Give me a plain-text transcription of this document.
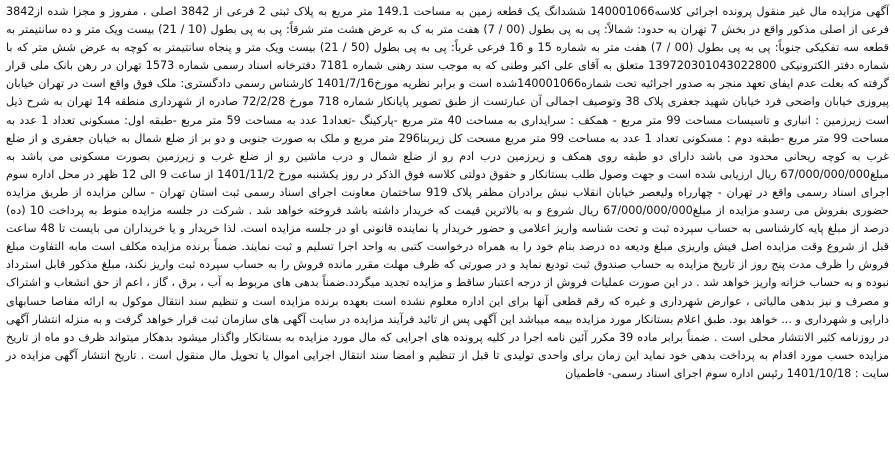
آگهی مزایده مال غیر منقول پرونده اجرائی کلاسه140001066 ششدانگ یک قطعه زمین به مساحت 149.1 متر مربع به پلاک ثبتی 2 فرعی از 3842 اصلی ، مفروز و مجزا شده از3842 فرعی از اصلی مذکور واقع در بخش 7 تهران به حدود: شمالاً: پی به پی بطول (00 / 7) هفت متر به ک به عرض هشت متر شرقاً: پی به پی بطول (10 / 21) بیست ویک متر و ده سانتیمتر به قطعه سه تفکیکی جنوباً: پی به پی بطول (00 / 7) هفت متر به شماره 15 و 16 فرعی غرباً: پی به پی بطول (50 / 21) بیست ویک متر و پنجاه سانتیمتر به کوچه به عرض شش متر که با شماره دفتر الکترونیکی 139720301043022800 متعلق به آقای علی اکبر وطنی که به موجب سند رهنی شماره 7181 دفترخانه اسناد رسمی شماره 1573 تهران در رهن بانک ملی قرار گرفته که بعلت عدم ایفای تعهد منجر به صدور اجرائیه تحت شماره140001066شده است و برابر نظریه مورخ1401/7/16 کارشناس رسمی دادگستری: ملک فوق واقع است در تهران خیابان پیروزی خیابان واضحی فرد خیابان شهید جعفری پلاک 38 وتوصیف اجمالی آن عبارتست از طبق تصویر پایانکار شماره 718 مورخ 72/2/28 صادره از شهرداری منطقه 14 تهران به شرح ذیل است زیرزمین : انباری و تاسیسات مساحت 99 متر مربع - همکف : سرایداری به مساحت 40 متر مربع -پارکینگ -تعداد1 عدد به مساحت 59 متر مربع -طبقه اول: مسکونی تعداد 1 عدد به مساحت 99 متر مربع -طبقه دوم : مسکونی تعداد 1 عدد به مساحت 99 متر مربع مسحت کل زیربنا296 متر مربع و ملک به صورت جنوبی و دو بر از ضلع شمال به خیابان جعفری و از ضلع غرب به کوچه ریحانی محدود می باشد دارای دو طبقه روی همکف و زیرزمین درب ادم رو از ضلع شمال و درب ماشین رو از ضلع غرب و زیرزمین بصورت مسکونی می باشد به مبلغ67/000/000/000 ریال ارزیابی شده است و جهت وصول طلب بستانکار و حقوق دولتی کلاسه فوق الذکر در روز یکشنبه مورخ 1401/11/2 از ساعت 9 الی 12 ظهر در محل اداره سوم اجرای اسناد رسمی واقع در تهران - چهارراه ولیعصر خیابان انقلاب نبش برادران مظفر پلاک 919 ساختمان معاونت اجرای اسناد رسمی ثبت استان تهران - سالن مزایده از طریق مزایده حضوری بفروش می رسدو مزایده از مبلغ67/000/000/000 ریال شروع و به بالاترین قیمت که خریدار داشته باشد فروخته خواهد شد . شرکت در جلسه مزایده منوط به پرداخت 10 (ده) درصد از مبلغ پایه کارشناسی به حساب سپرده ثبت و تحت شناسه واریز اعلامی و حضور خریدار یا نماینده قانونی او در جلسه مزایده است. لذا خریدار و یا خریداران می بایست تا 48 ساعت قبل از شروع وقت مزایده اصل فیش واریزی مبلغ ودیعه ده درصد بنام خود را به همراه درخواست کتبی به واحد اجرا تسلیم و ثبت نمایند. ضمناً برنده مزایده مکلف است مابه التفاوت مبلغ فروش را ظرف مدت پنج روز از تاریخ مزایده به حساب صندوق ثبت تودیع نماید و در صورتی که ظرف مهلت مقرر مانده فروش را به حساب سپرده ثبت واریز نکند، مبلغ مذکور قابل استرداد نبوده و به حساب خزانه واریز خواهد شد . در این صورت عملیات فروش از درجه اعتبار ساقط و مزایده تجدید میگردد.ضمناً بدهی های مربوط به آب ، برق ، گاز ، اعم از حق انشعاب و اشتراک و مصرف و نیز بدهی مالیاتی ، عوارض شهرداری و غیره که رقم قطعی آنها برای این اداره معلوم نشده است بعهده برنده مزایده است و تنظیم سند انتقال موکول به ارائه مفاصا حسابهای دارایی و شهرداری و ... خواهد بود. طبق اعلام بستانکار مورد مزایده بیمه میباشد این آگهی پس از تائید فرآیند مزایده در سایت آگهی های سازمان ثبت قرار خواهد گرفت و به منزله انتشار آگهی در روزنامه کثیر الانتشار محلی است . ضمناً برابر ماده 39 مکرر آئین نامه اجرا در کلیه پرونده های اجرایی که مال مورد مزایده به بستانکار واگذار میشود بدهکار میتواند ظرف دو ماه از تاریخ مزایده حسب مورد اقدام به پرداخت بدهی خود نماید این زمان برای واحدی تولیدی تا قبل از تنظیم و امضا سند انتقال اجرایی اموال یا تحویل مال منقول است . تاریخ انتشار آگهی مزایده در سایت : 1401/10/18 رئیس اداره سوم اجرای اسناد رسمی- فاطمیان
